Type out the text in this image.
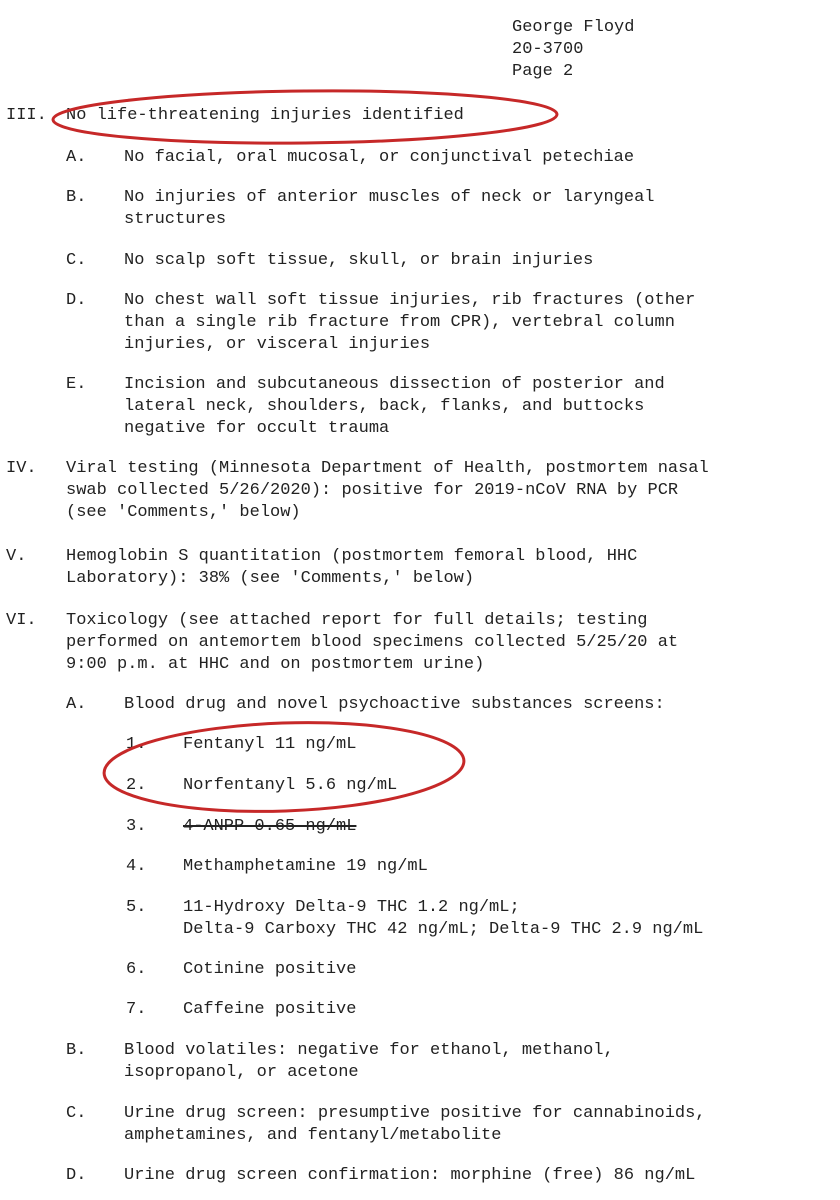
George Floyd
20-3700
Page 2
III. No life-threatening injuries identified
A. No facial, oral mucosal, or conjunctival petechiae
B. No injuries of anterior muscles of neck or laryngeal
structures
C. No scalp soft tissue, skull, or brain injuries
D. No chest wall soft tissue injuries, rib fractures (other
than a single rib fracture from CPR), vertebral column
injuries, or visceral injuries
E. Incision and subcutaneous dissection of posterior and
lateral neck, shoulders, back, flanks, and buttocks
negative for occult trauma
IV. Viral testing (Minnesota Department of Health, postmortem nasal
swab collected 5/26/2020): positive for 2019-nCoV RNA by PCR
(see 'Comments,' below)
V. Hemoglobin S quantitation (postmortem femoral blood, HHC
Laboratory): 38% (see 'Comments,' below)
VI. Toxicology (see attached report for full details; testing
performed on antemortem blood specimens collected 5/25/20 at
9:00 p.m. at HHC and on postmortem urine)
A. Blood drug and novel psychoactive substances screens:
1. Fentanyl 11 ng/mL
2. Norfentanyl 5.6 ng/mL
3. 4-ANPP 0.65 ng/mL
4. Methamphetamine 19 ng/mL
5. 11-Hydroxy Delta-9 THC 1.2 ng/mL;
Delta-9 Carboxy THC 42 ng/mL; Delta-9 THC 2.9 ng/mL
6. Cotinine positive
7. Caffeine positive
B. Blood volatiles: negative for ethanol, methanol,
isopropanol, or acetone
C. Urine drug screen: presumptive positive for cannabinoids,
amphetamines, and fentanyl/metabolite
D. Urine drug screen confirmation: morphine (free) 86 ng/mL
